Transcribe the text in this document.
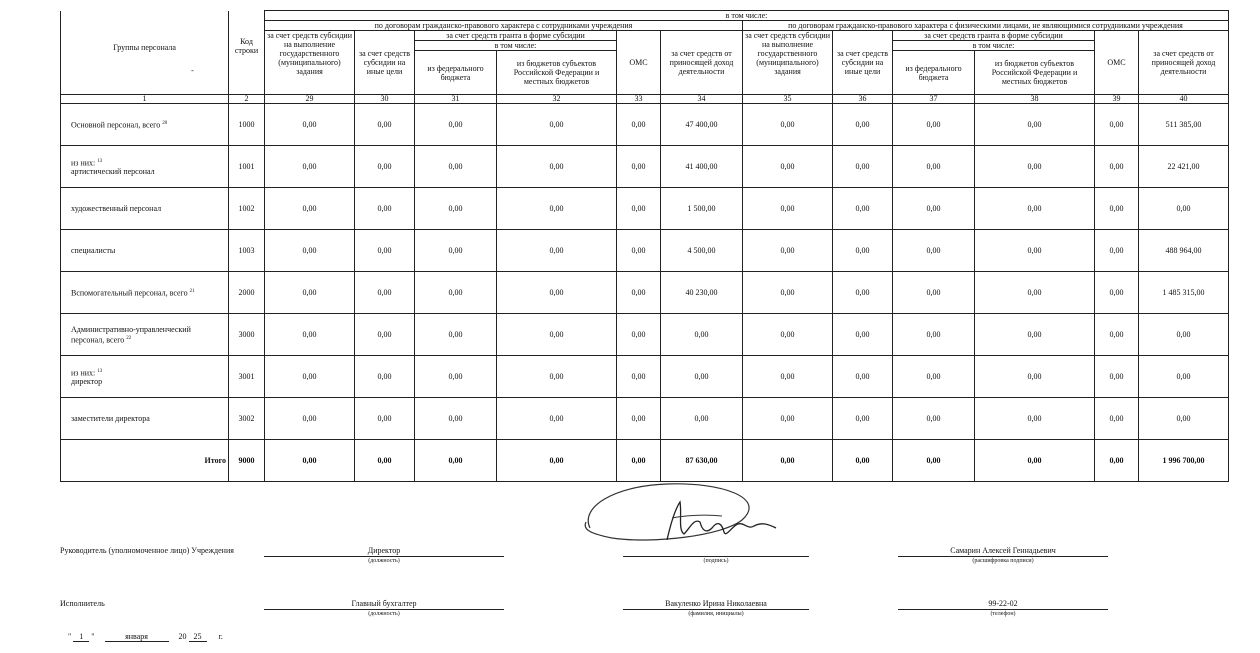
Группы персонала
-	Код строки	в том числе:											
		по договорам гражданско-правового характера с сотрудниками учреждения						по договорам гражданско-правового характера с физическими лицами, не являющимися сотрудниками учреждения					
		за счет средств субсидии на выполнение государственного (муниципального) задания	за счет средств субсидии на иные цели	за счет средств гранта в форме субсидии		ОМС	за счет средств от приносящей доход деятельности	за счет средств субсидии на выполнение государственного (муниципального) задания	за счет средств субсидии на иные цели	за счет средств гранта в форме субсидии		ОМС	за счет средств от приносящей доход деятельности
				в том числе:						в том числе:			
				из федерального бюджета	из бюджетов субъектов Российской Федерации и местных бюджетов					из федерального бюджета	из бюджетов субъектов Российской Федерации и местных бюджетов		
1	2	29	30	31	32	33	34	35	36	37	38	39	40
Основной персонал, всего $^{20}$	1000	0,00	0,00	0,00	0,00	0,00	47 400,00	0,00	0,00	0,00	0,00	0,00	511 385,00
из них: $^{13}$
артистический персонал	1001	0,00	0,00	0,00	0,00	0,00	41 400,00	0,00	0,00	0,00	0,00	0,00	22 421,00
художественный персонал	1002	0,00	0,00	0,00	0,00	0,00	1 500,00	0,00	0,00	0,00	0,00	0,00	0,00
специалисты	1003	0,00	0,00	0,00	0,00	0,00	4 500,00	0,00	0,00	0,00	0,00	0,00	488 964,00
Вспомогательный персонал, всего $^{21}$	2000	0,00	0,00	0,00	0,00	0,00	40 230,00	0,00	0,00	0,00	0,00	0,00	1 485 315,00
Административно-управленческий персонал, всего $^{22}$	3000	0,00	0,00	0,00	0,00	0,00	0,00	0,00	0,00	0,00	0,00	0,00	0,00
из них: $^{13}$
директор	3001	0,00	0,00	0,00	0,00	0,00	0,00	0,00	0,00	0,00	0,00	0,00	0,00
заместители директора	3002	0,00	0,00	0,00	0,00	0,00	0,00	0,00	0,00	0,00	0,00	0,00	0,00
Итого	9000	0,00	0,00	0,00	0,00	0,00	87 630,00	0,00	0,00	0,00	0,00	0,00	1 996 700,00
Руководитель (уполномоченное лицо) Учреждения	Директор
(должность)	(подпись)
Самарин Алексей Геннадьевич
(расшифровка подписи)
Исполнитель	Главный бухгалтер
(должность)
Вакуленко Ирина Николаевна
(фамилия, инициалы)
99-22-02
(телефон)
" 1 "	января	20 25 г.
